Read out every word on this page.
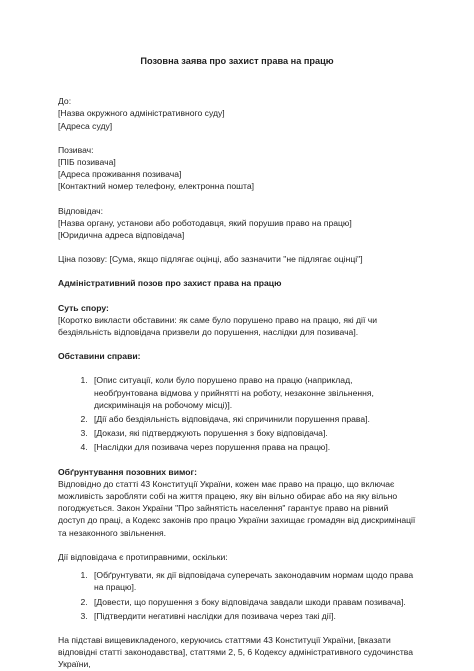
Позовна заява про захист права на працю
До:
[Назва окружного адміністративного суду]
[Адреса суду]
Позивач:
[ПІБ позивача]
[Адреса проживання позивача]
[Контактний номер телефону, електронна пошта]
Відповідач:
[Назва органу, установи або роботодавця, який порушив право на працю]
[Юридична адреса відповідача]
Ціна позову: [Сума, якщо підлягає оцінці, або зазначити "не підлягає оцінці"]
Адміністративний позов про захист права на працю
Суть спору:

[Коротко викласти обставини: як саме було порушено право на працю, які дії чи бездіяльність відповідача призвели до порушення, наслідки для позивача].

Обставини справи:
1. [Опис ситуації, коли було порушено право на працю (наприклад, необґрунтована відмова у прийнятті на роботу, незаконне звільнення, дискримінація на робочому місці)].
2. [Дії або бездіяльність відповідача, які спричинили порушення права].
3. [Докази, які підтверджують порушення з боку відповідача].
4. [Наслідки для позивача через порушення права на працю].
Обґрунтування позовних вимог:

Відповідно до статті 43 Конституції України, кожен має право на працю, що включає можливість заробляти собі на життя працею, яку він вільно обирає або на яку вільно погоджується. Закон України "Про зайнятість населення" гарантує право на рівний доступ до праці, а Кодекс законів про працю України захищає громадян від дискримінації та незаконного звільнення.

Дії відповідача є протиправними, оскільки:

1. [Обґрунтувати, як дії відповідача суперечать законодавчим нормам щодо права на працю].
2. [Довести, що порушення з боку відповідача завдали шкоди правам позивача].
3. [Підтвердити негативні наслідки для позивача через такі дії].

На підставі вищевикладеного, керуючись статтями 43 Конституції України, [вказати відповідні статті законодавства], статтями 2, 5, 6 Кодексу адміністративного судочинства України,
